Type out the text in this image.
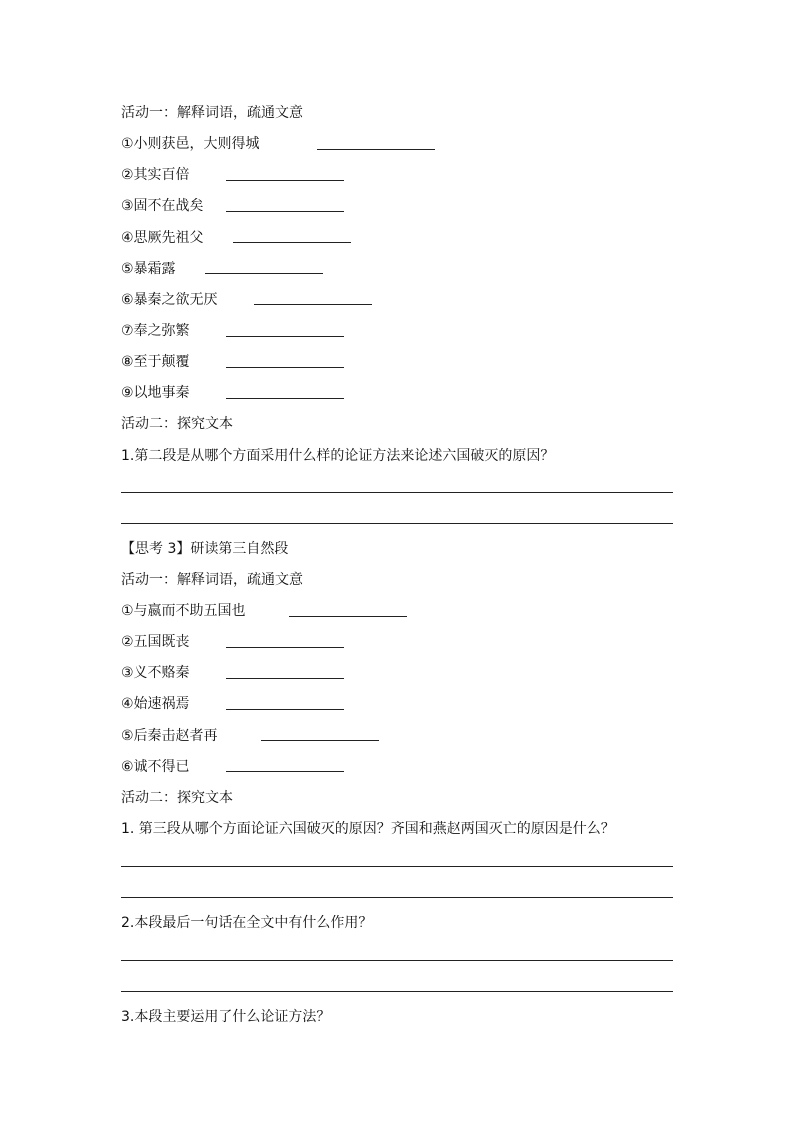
活动一：解释词语，疏通文意
①小则获邑，大则得城
②其实百倍
③固不在战矣
④思厥先祖父
⑤暴霜露
⑥暴秦之欲无厌
⑦奉之弥繁
⑧至于颠覆
⑨以地事秦
活动二：探究文本
1.第二段是从哪个方面采用什么样的论证方法来论述六国破灭的原因？
【思考 3】研读第三自然段
活动一：解释词语，疏通文意
①与嬴而不助五国也
②五国既丧
③义不赂秦
④始速祸焉
⑤后秦击赵者再
⑥诚不得已
活动二：探究文本
1. 第三段从哪个方面论证六国破灭的原因？齐国和燕赵两国灭亡的原因是什么？
2.本段最后一句话在全文中有什么作用？
3.本段主要运用了什么论证方法？
